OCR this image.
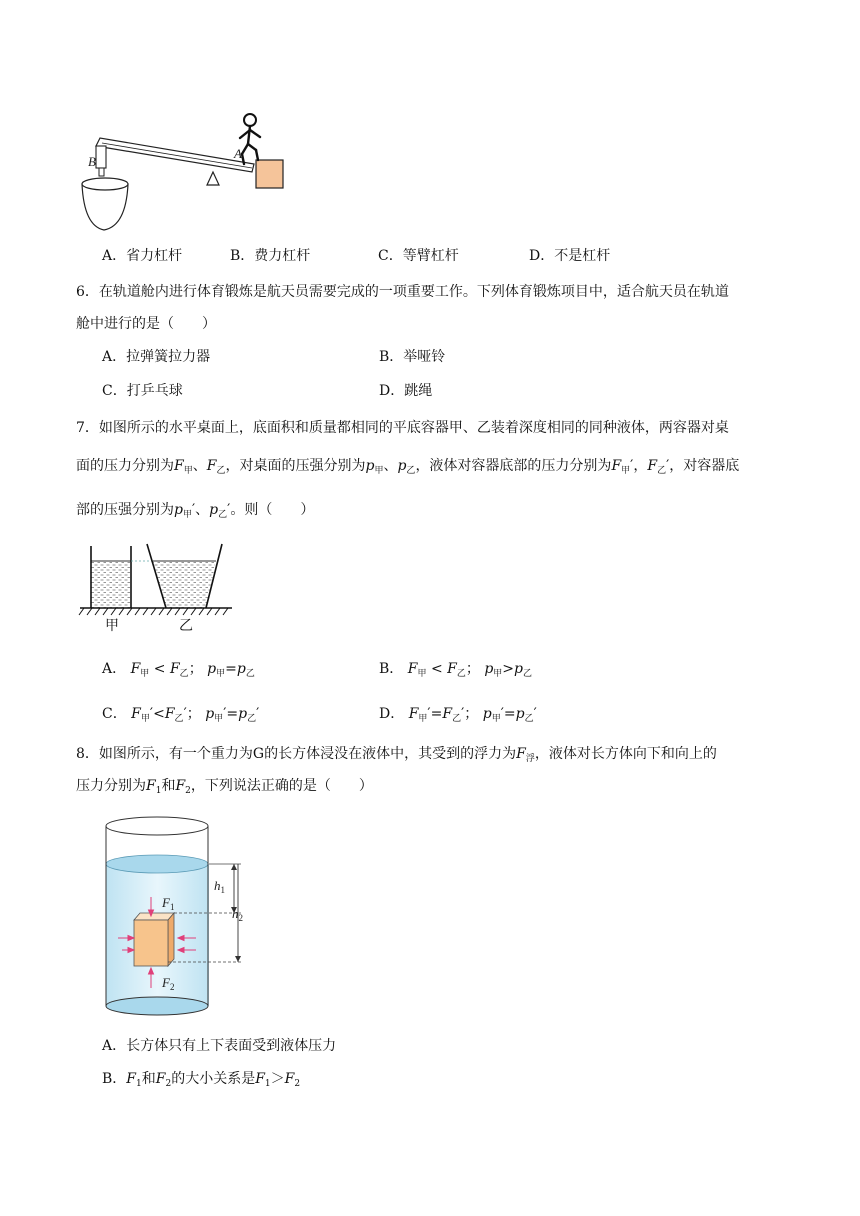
B
A
A．省力杠杆	B．费力杠杆	C．等臂杠杆	D．不是杠杆
6．在轨道舱内进行体育锻炼是航天员需要完成的一项重要工作。下列体育锻炼项目中，适合航天员在轨道
舱中进行的是（　　）
A．拉弹簧拉力器	B．举哑铃
C．打乒乓球	D．跳绳
7．如图所示的水平桌面上，底面积和质量都相同的平底容器甲、乙装着深度相同的同种液体，两容器对桌
面的压力分别为$F_甲$、$F_乙$，对桌面的压强分别为$p_甲$、$p_乙$，液体对容器底部的压力分别为$F_甲'$，$F_乙'$，对容器底
部的压强分别为$p_甲'$、$p_乙'$。则（　　）
甲	乙
A． $F_甲 < F_乙$； $p_甲=p_乙$	B． $F_甲 < F_乙$； $p_甲>p_乙$
C． $F_甲'<F_乙'$； $p_甲'=p_乙'$	D． $F_甲'=F_乙'$； $p_甲'=p_乙'$
8．如图所示，有一个重力为G的长方体浸没在液体中，其受到的浮力为$F_浮$，液体对长方体向下和向上的
压力分别为$F_1$和$F_2$，下列说法正确的是（　　）
$h_1$
$h_2$
$F_1$
$F_2$
A．长方体只有上下表面受到液体压力
B．$F_1$和$F_2$的大小关系是$F_1>F_2$
